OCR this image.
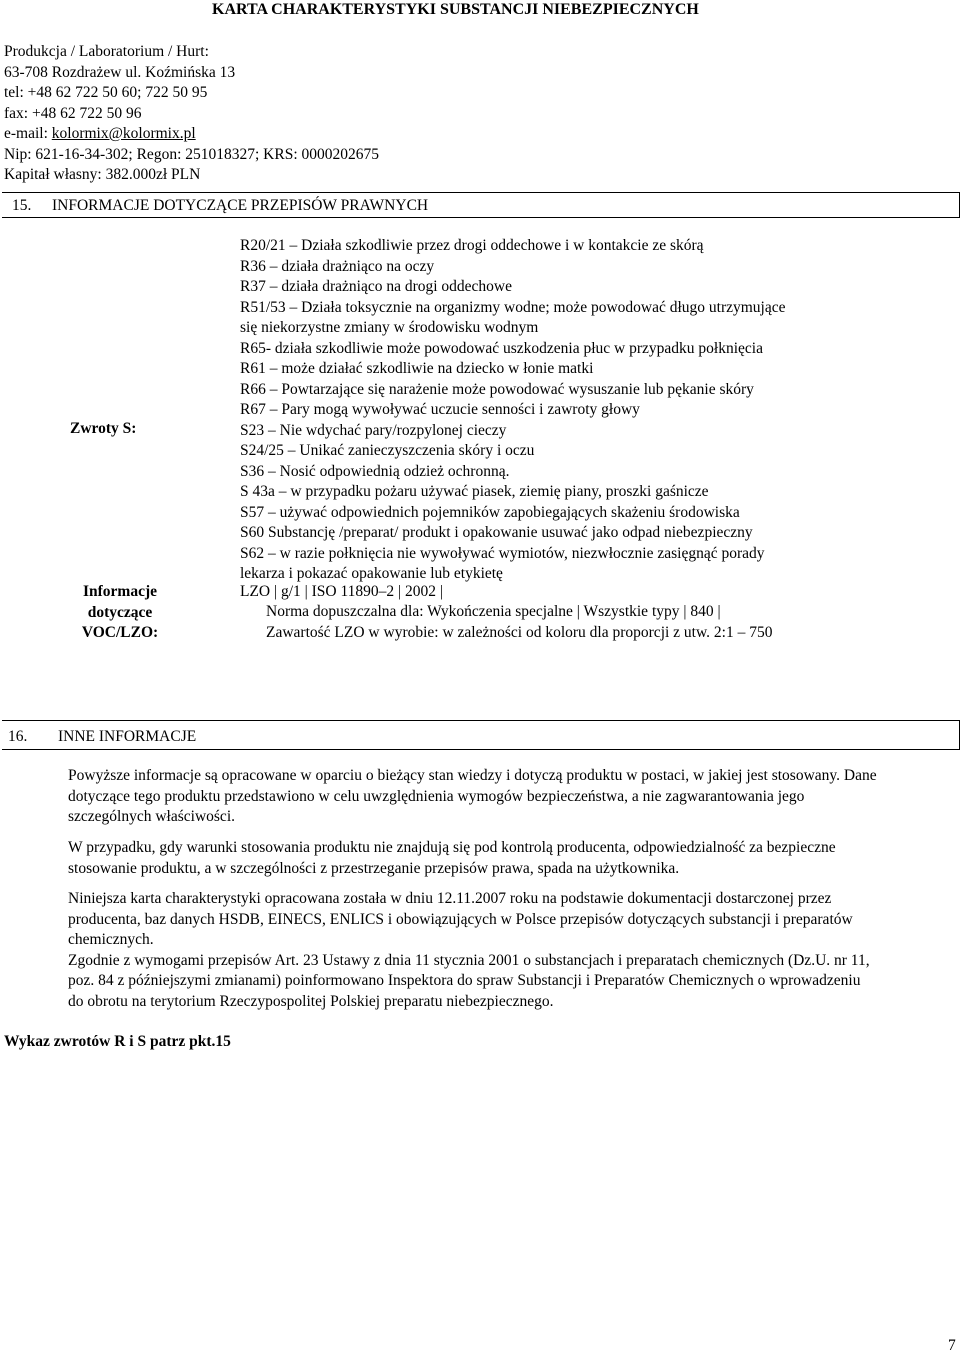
KARTA CHARAKTERYSTYKI SUBSTANCJI NIEBEZPIECZNYCH
Produkcja / Laboratorium / Hurt:
63-708 Rozdrażew ul. Koźmińska 13
tel: +48 62 722 50 60; 722 50 95
fax: +48 62 722 50 96
e-mail: kolormix@kolormix.pl
Nip: 621-16-34-302; Regon: 251018327; KRS: 0000202675
Kapitał własny: 382.000zł PLN
15. INFORMACJE DOTYCZĄCE PRZEPISÓW PRAWNYCH
Zwroty S:
R20/21 – Działa szkodliwie przez drogi oddechowe i w kontakcie ze skórą
R36 – działa drażniąco na oczy
R37 – działa drażniąco na drogi oddechowe
R51/53 – Działa toksycznie na organizmy wodne; może powodować długo utrzymujące
się niekorzystne zmiany w środowisku wodnym
R65- działa szkodliwie może powodować uszkodzenia płuc w przypadku połknięcia
R61 – może działać szkodliwie na dziecko w łonie matki
R66 – Powtarzające się narażenie może powodować wysuszanie lub pękanie skóry
R67 – Pary mogą wywoływać uczucie senności i zawroty głowy
S23 – Nie wdychać pary/rozpylonej cieczy
S24/25 – Unikać zanieczyszczenia skóry i oczu
S36 – Nosić odpowiednią odzież ochronną.
S 43a – w przypadku pożaru używać piasek, ziemię piany, proszki gaśnicze
S57 – używać odpowiednich pojemników zapobiegających skażeniu środowiska
S60 Substancję /preparat/ produkt i opakowanie usuwać jako odpad niebezpieczny
S62 – w razie połknięcia nie wywoływać wymiotów, niezwłocznie zasięgnąć porady
lekarza i pokazać opakowanie lub etykietę
Informacje dotyczące VOC/LZO:
LZO | g/1 | ISO 11890–2 | 2002 |
Norma dopuszczalna dla: Wykończenia specjalne | Wszystkie typy | 840 |
Zawartość LZO w wyrobie: w zależności od koloru dla proporcji z utw. 2:1 – 750
16. INNE INFORMACJE
Powyższe informacje są opracowane w oparciu o bieżący stan wiedzy i dotyczą produktu w postaci, w jakiej jest stosowany. Dane dotyczące tego produktu przedstawiono w celu uwzględnienia wymogów bezpieczeństwa, a nie zagwarantowania jego szczególnych właściwości.
W przypadku, gdy warunki stosowania produktu nie znajdują się pod kontrolą producenta, odpowiedzialność za bezpieczne stosowanie produktu, a w szczególności z przestrzeganie przepisów prawa, spada na użytkownika.
Niniejsza karta charakterystyki opracowana została w dniu 12.11.2007 roku na podstawie dokumentacji dostarczonej przez producenta, baz danych HSDB, EINECS, ENLICS i obowiązujących w Polsce przepisów dotyczących substancji i preparatów chemicznych.
Zgodnie z wymogami przepisów Art. 23 Ustawy z dnia 11 stycznia 2001 o substancjach i preparatach chemicznych (Dz.U. nr 11, poz. 84 z późniejszymi zmianami) poinformowano Inspektora do spraw Substancji i Preparatów Chemicznych o wprowadzeniu do obrotu na terytorium Rzeczypospolitej Polskiej preparatu niebezpiecznego.
Wykaz zwrotów R i S patrz pkt.15
7
